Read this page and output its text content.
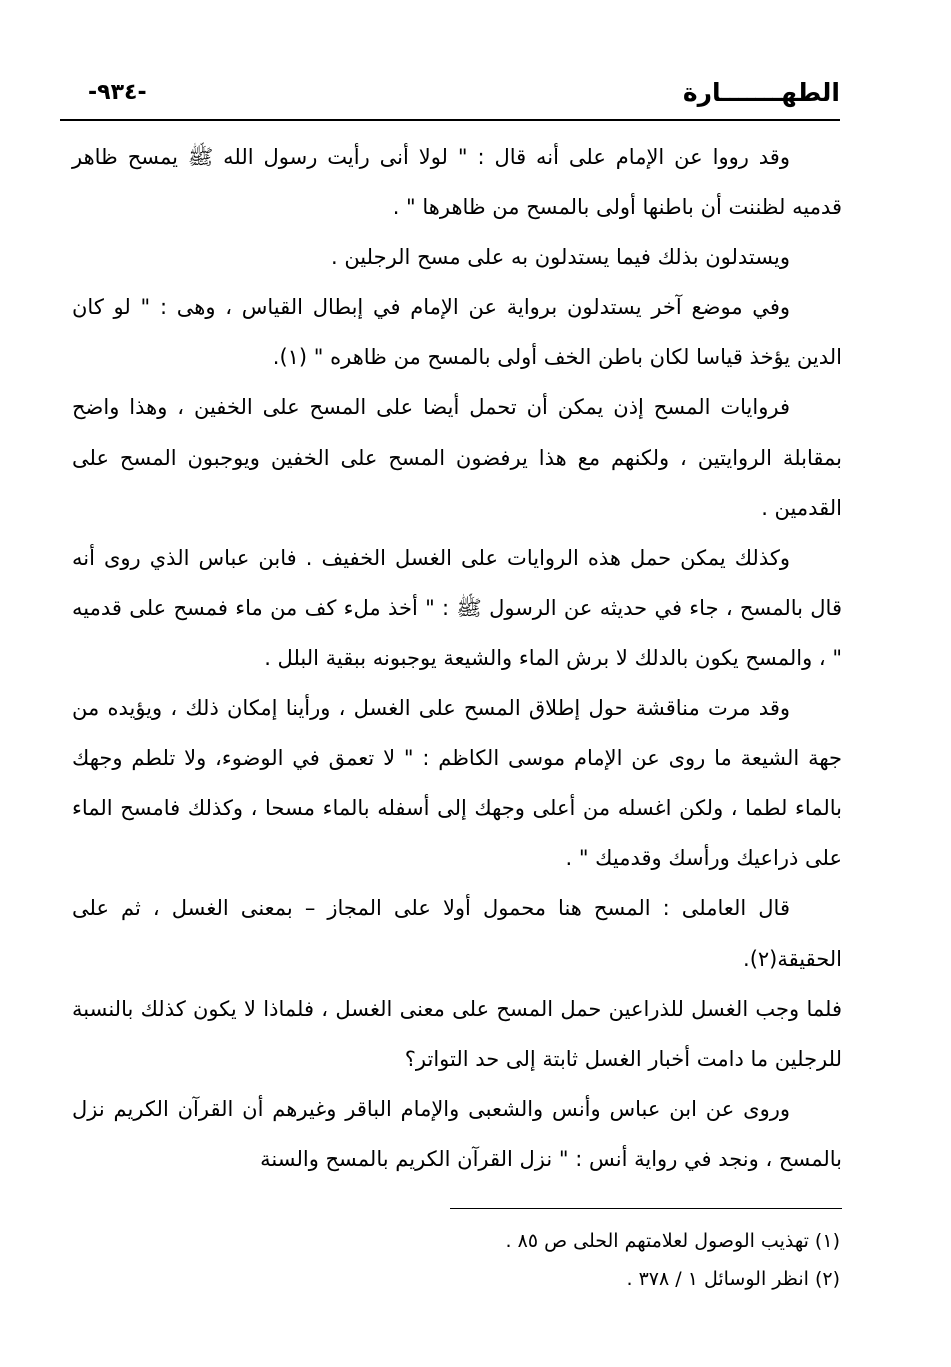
الطهـــــــارة
-٩٣٤-

وقد رووا عن الإمام على أنه قال : " لولا أنى رأيت رسول الله ﷺ يمسح ظاهر قدميه لظننت أن باطنها أولى بالمسح من ظاهرها " .

ويستدلون بذلك فيما يستدلون به على مسح الرجلين .

وفي موضع آخر يستدلون برواية عن الإمام في إبطال القياس ، وهى : " لو كان الدين يؤخذ قياسا لكان باطن الخف أولى بالمسح من ظاهره " (١).

فروايات المسح إذن يمكن أن تحمل أيضا على المسح على الخفين ، وهذا واضح بمقابلة الروايتين ، ولكنهم مع هذا يرفضون المسح على الخفين ويوجبون المسح على القدمين .

وكذلك يمكن حمل هذه الروايات على الغسل الخفيف . فابن عباس الذي روى أنه قال بالمسح ، جاء في حديثه عن الرسول ﷺ : " أخذ ملء كف من ماء فمسح على قدميه " ، والمسح يكون بالدلك لا برش الماء والشيعة يوجبونه ببقية البلل .

وقد مرت مناقشة حول إطلاق المسح على الغسل ، ورأينا إمكان ذلك ، ويؤيده من جهة الشيعة ما روى عن الإمام موسى الكاظم : " لا تعمق في الوضوء، ولا تلطم وجهك بالماء لطما ، ولكن اغسله من أعلى وجهك إلى أسفله بالماء مسحا ، وكذلك فامسح الماء على ذراعيك ورأسك وقدميك " .

قال العاملى : المسح هنا محمول أولا على المجاز – بمعنى الغسل ، ثم على الحقيقة(٢).

فلما وجب الغسل للذراعين حمل المسح على معنى الغسل ، فلماذا لا يكون كذلك بالنسبة للرجلين ما دامت أخبار الغسل ثابتة إلى حد التواتر؟

وروى عن ابن عباس وأنس والشعبى والإمام الباقر وغيرهم أن القرآن الكريم نزل بالمسح ، ونجد في رواية أنس : " نزل القرآن الكريم بالمسح والسنة

(١) تهذيب الوصول لعلامتهم الحلى ص ٨٥ .

(٢) انظر الوسائل ١ / ٣٧٨ .
